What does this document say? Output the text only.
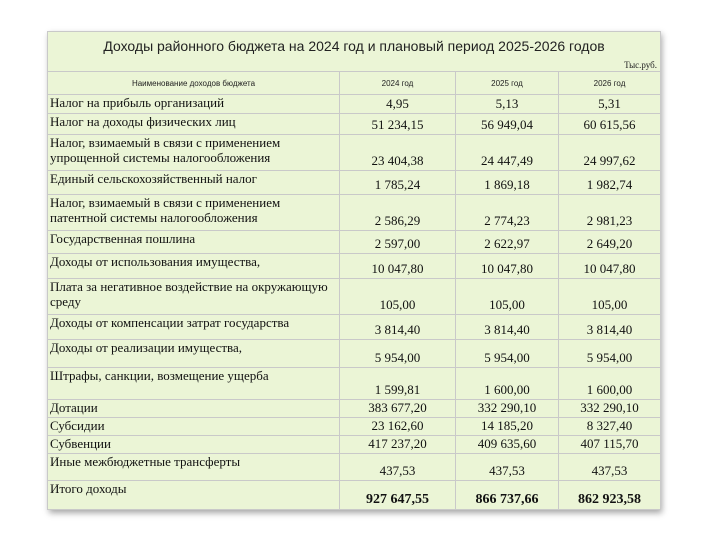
Доходы районного бюджета на 2024 год и плановый период 2025-2026 годов
Тыс.руб.			

Наименование доходов бюджета	2024 год	2025 год	2026 год
Налог на прибыль организаций	4,95	5,13	5,31
Налог на доходы физических лиц	51 234,15	56 949,04	60 615,56
Налог, взимаемый в связи с применением упрощенной системы налогообложения	23 404,38	24 447,49	24 997,62
Единый сельскохозяйственный налог	1 785,24	1 869,18	1 982,74
Налог, взимаемый в связи с применением патентной системы налогообложения	2 586,29	2 774,23	2 981,23
Государственная пошлина	2 597,00	2 622,97	2 649,20
Доходы от использования имущества,	10 047,80	10 047,80	10 047,80
Плата за негативное воздействие на окружающую среду	105,00	105,00	105,00
Доходы от компенсации затрат государства	3 814,40	3 814,40	3 814,40
Доходы от реализации имущества,	5 954,00	5 954,00	5 954,00
Штрафы, санкции, возмещение ущерба	1 599,81	1 600,00	1 600,00
Дотации	383 677,20	332 290,10	332 290,10
Субсидии	23 162,60	14 185,20	8 327,40
Субвенции	417 237,20	409 635,60	407 115,70
Иные межбюджетные трансферты	437,53	437,53	437,53
Итого доходы	927 647,55	866 737,66	862 923,58
